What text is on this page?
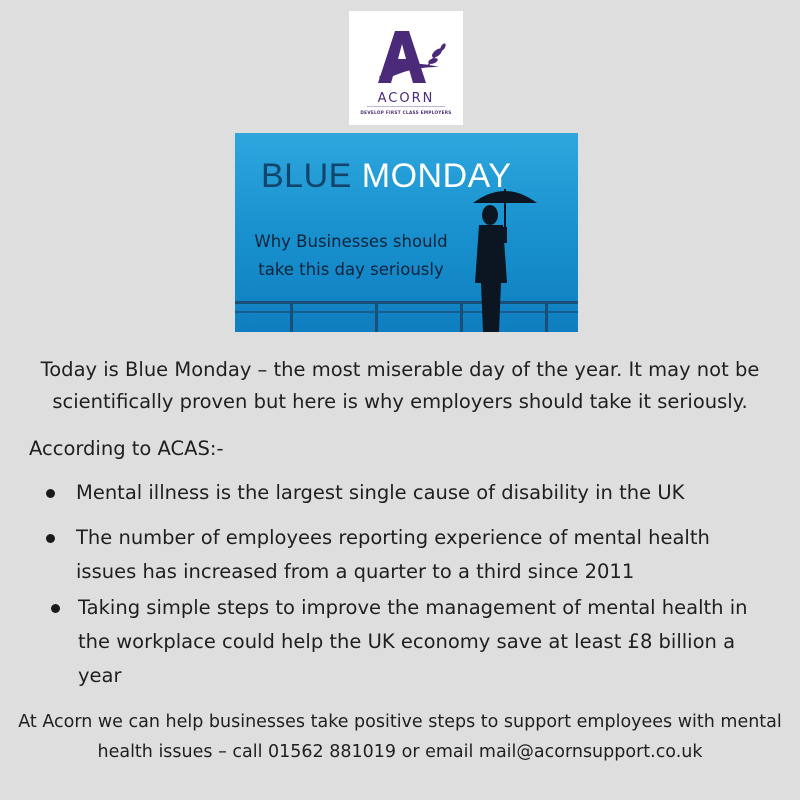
ACORN
DEVELOP FIRST CLASS EMPLOYERS
BLUE MONDAY
Why Businesses should
take this day seriously
Today is Blue Monday – the most miserable day of the year. It may not be scientifically proven but here is why employers should take it seriously.
According to ACAS:-
Mental illness is the largest single cause of disability in the UK
The number of employees reporting experience of mental health issues has increased from a quarter to a third since 2011
Taking simple steps to improve the management of mental health in the workplace could help the UK economy save at least £8 billion a year
At Acorn we can help businesses take positive steps to support employees with mental health issues – call 01562 881019 or email mail@acornsupport.co.uk
